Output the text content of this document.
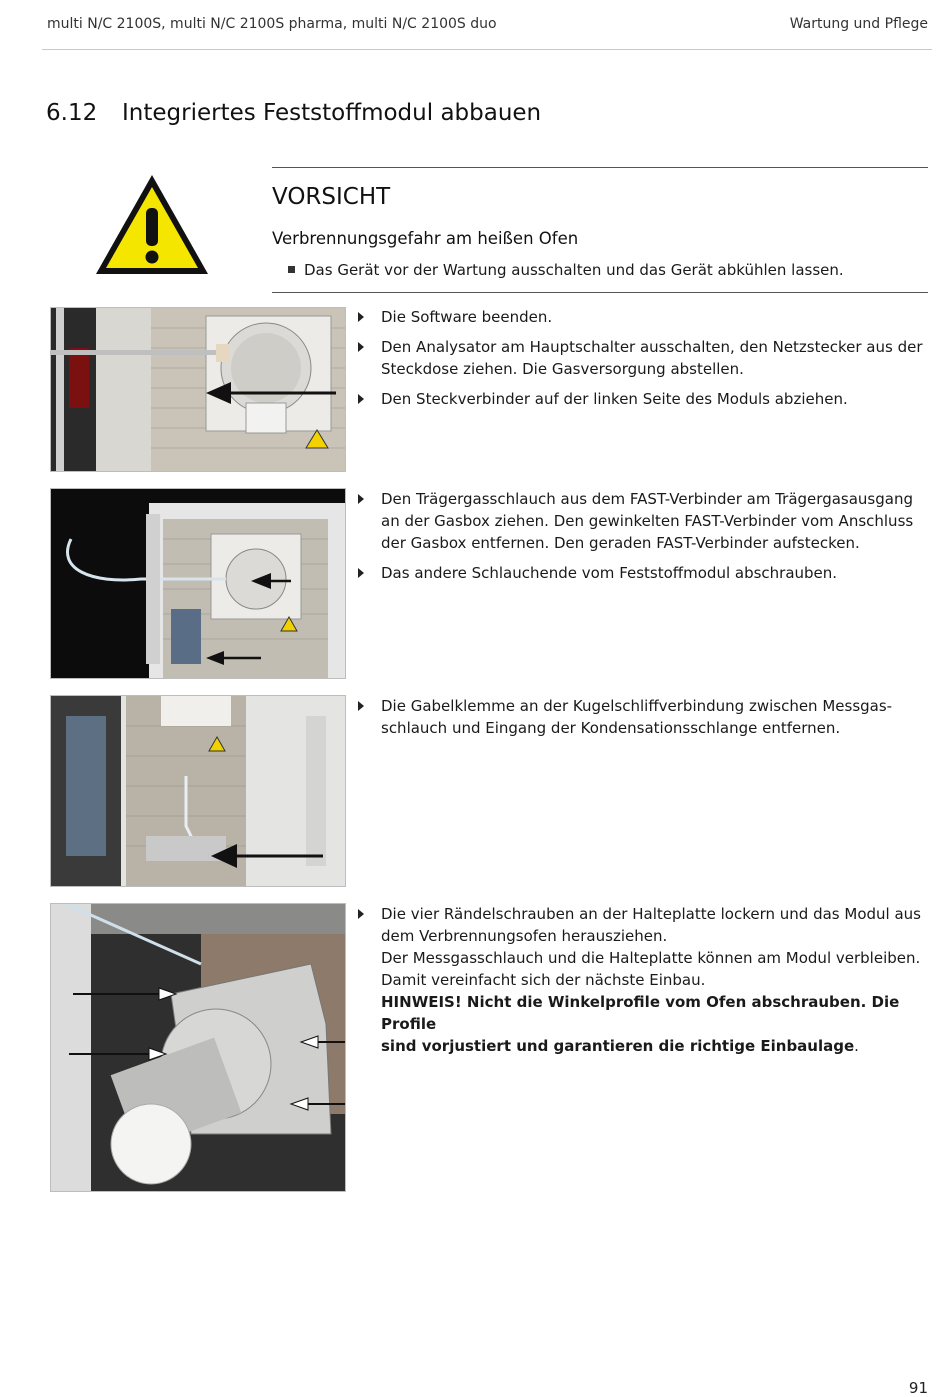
multi N/C 2100S, multi N/C 2100S pharma, multi N/C 2100S duo	Wartung und Pflege
6.12 Integriertes Feststoffmodul abbauen
VORSICHT
Verbrennungsgefahr am heißen Ofen
Das Gerät vor der Wartung ausschalten und das Gerät abkühlen lassen.
Die Software beenden.
Den Analysator am Hauptschalter ausschalten, den Netzstecker aus der Steckdose ziehen. Die Gasversorgung abstellen.
Den Steckverbinder auf der linken Seite des Moduls abziehen.
Den Trägergasschlauch aus dem FAST-Verbinder am Trägergasausgang an der Gasbox ziehen. Den gewinkelten FAST-Verbinder vom Anschluss der Gasbox entfernen. Den geraden FAST-Verbinder aufstecken.
Das andere Schlauchende vom Feststoffmodul abschrauben.
Die Gabelklemme an der Kugelschliffverbindung zwischen Messgas-schlauch und Eingang der Kondensationsschlange entfernen.
Die vier Rändelschrauben an der Halteplatte lockern und das Modul aus
dem Verbrennungsofen herausziehen.
Der Messgasschlauch und die Halteplatte können am Modul verbleiben.
Damit vereinfacht sich der nächste Einbau.
HINWEIS! Nicht die Winkelprofile vom Ofen abschrauben. Die Profile
sind vorjustiert und garantieren die richtige Einbaulage.
91
